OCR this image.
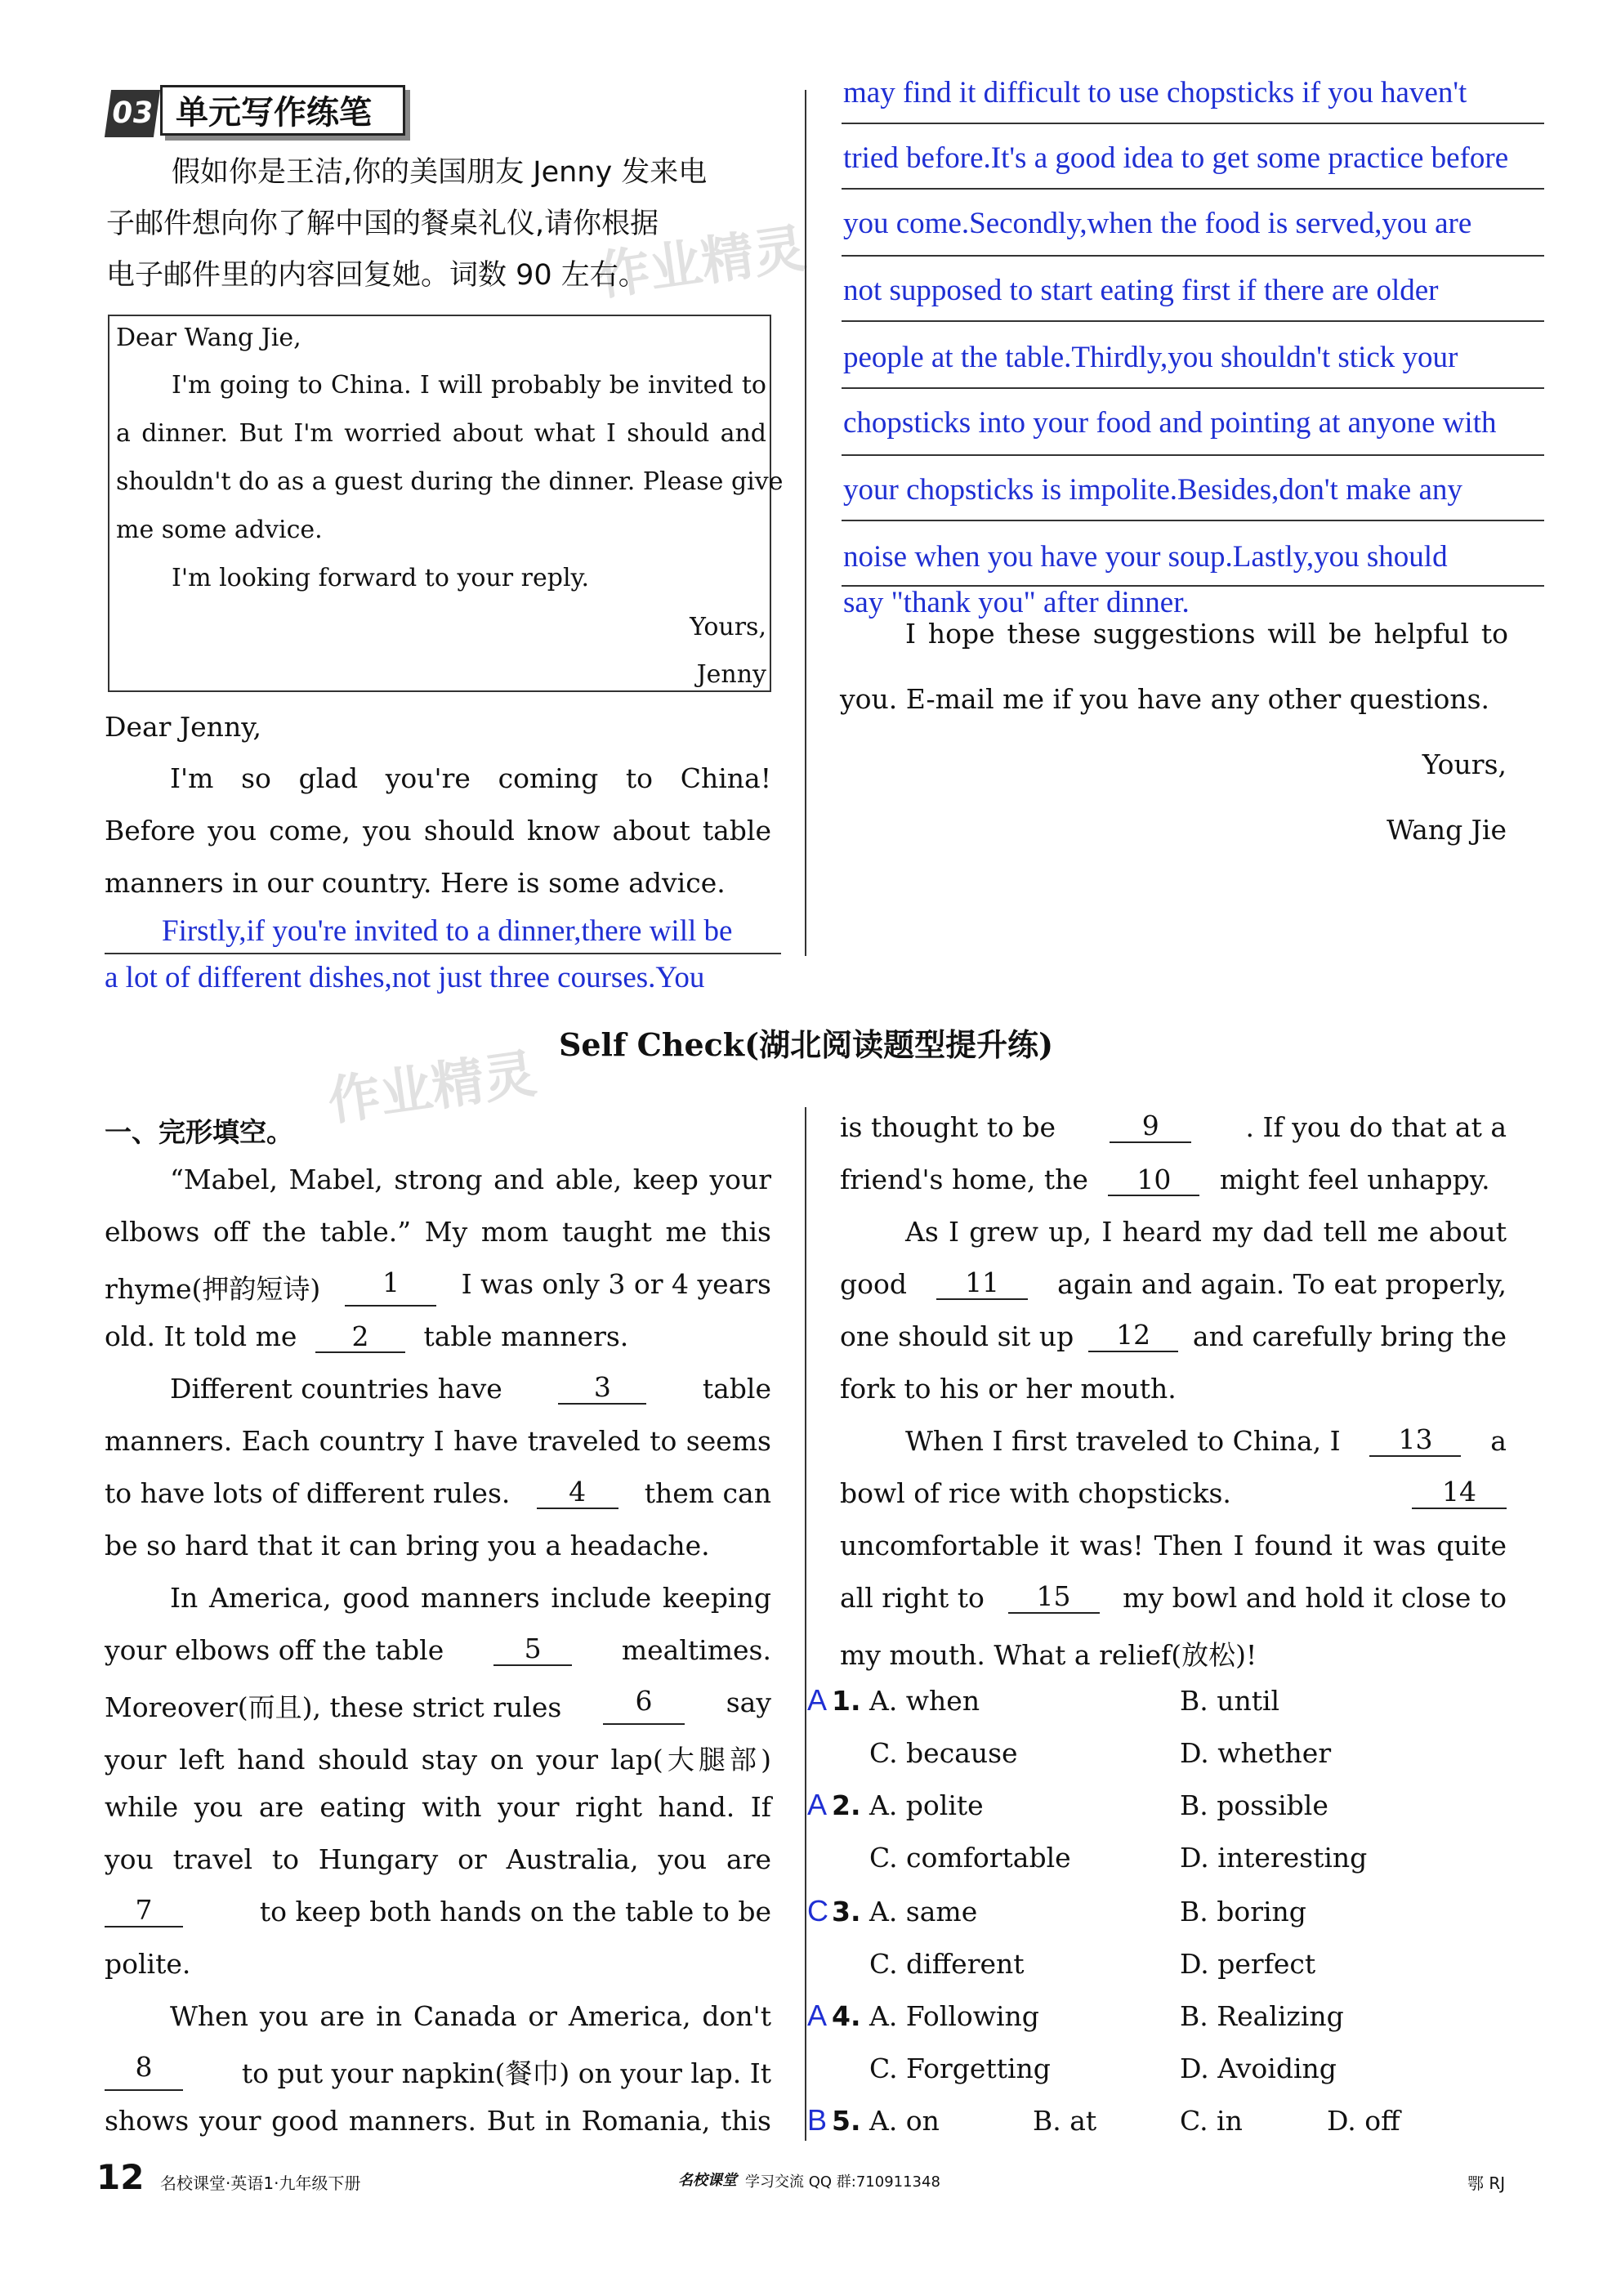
作业精灵
作业精灵
03 单元写作练笔
假如你是王洁,你的美国朋友 Jenny 发来电
子邮件想向你了解中国的餐桌礼仪,请你根据
电子邮件里的内容回复她。词数 90 左右。
Dear Wang Jie,
I'm going to China. I will probably be invited to
a dinner. But I'm worried about what I should and
shouldn't do as a guest during the dinner. Please give
me some advice.
I'm looking forward to your reply.
Yours,
Jenny
Dear Jenny,
I'm so glad you're coming to China!
Before you come, you should know about table
manners in our country. Here is some advice.
Firstly,if you're invited to a dinner,there will be
a lot of different dishes,not just three courses.You
may find it difficult to use chopsticks if you haven't
tried before.It's a good idea to get some practice before
you come.Secondly,when the food is served,you are
not supposed to start eating first if there are older
people at the table.Thirdly,you shouldn't stick your
chopsticks into your food and pointing at anyone with
your chopsticks is impolite.Besides,don't make any
noise when you have your soup.Lastly,you should
say "thank you" after dinner.
I hope these suggestions will be helpful to
you. E-mail me if you have any other questions.
Yours,
Wang Jie
Self Check(湖北阅读题型提升练)
一、完形填空。
“Mabel, Mabel, strong and able, keep your
elbows off the table.” My mom taught me this
rhyme(押韵短诗)	1	I was only 3 or 4 years
old. It told me 2 table manners.
Different countries have	3	table
manners. Each country I have traveled to seems
to have lots of different rules.	4	them can
be so hard that it can bring you a headache.
In America, good manners include keeping
your elbows off the table	5	mealtimes.
Moreover(而且), these strict rules	6	say
your left hand should stay on your lap(大腿部)
while you are eating with your right hand. If
you travel to Hungary or Australia, you are
7	to keep both hands on the table to be
polite.
When you are in Canada or America, don't
8	to put your napkin(餐巾) on your lap. It
shows your good manners. But in Romania, this
is thought to be	9	. If you do that at a
friend's home, the 10 might feel unhappy.
As I grew up, I heard my dad tell me about
good	11	again and again. To eat properly,
one should sit up	12	and carefully bring the
fork to his or her mouth.
When I first traveled to China, I	13	a
bowl of rice with chopsticks.	14
uncomfortable it was! Then I found it was quite
all right to	15	my bowl and hold it close to
my mouth. What a relief(放松)!
A 1. A. when	B. until
C. because	D. whether
A 2. A. polite	B. possible
C. comfortable	D. interesting
C 3. A. same	B. boring
C. different	D. perfect
A 4. A. Following	B. Realizing
C. Forgetting	D. Avoiding
B 5. A. on	B. at	C. in	D. off
12 名校课堂·英语1·九年级下册	名校课堂 学习交流 QQ 群:710911348	鄂 RJ
